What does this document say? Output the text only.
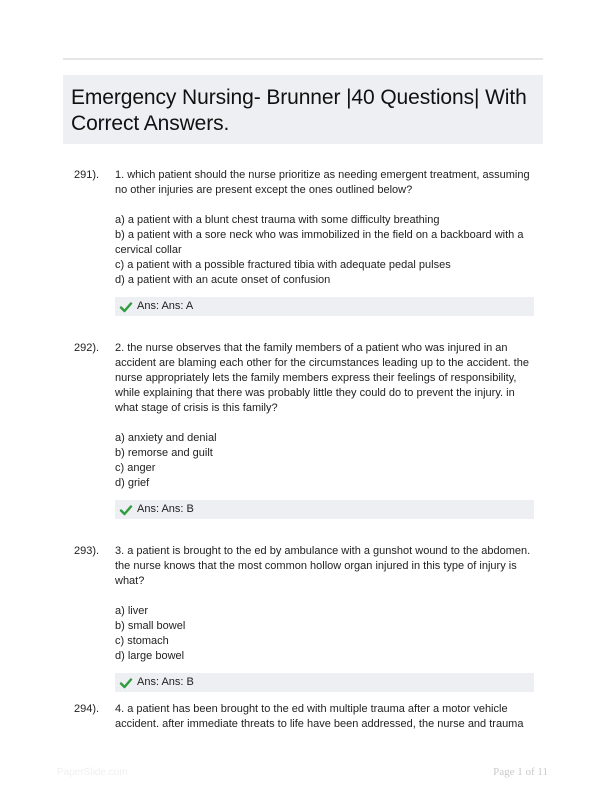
Emergency Nursing- Brunner |40 Questions| With Correct Answers.
291).	1. which patient should the nurse prioritize as needing emergent treatment, assuming no other injuries are present except the ones outlined below?

a) a patient with a blunt chest trauma with some difficulty breathing

b) a patient with a sore neck who was immobilized in the field on a backboard with a cervical collar

c) a patient with a possible fractured tibia with adequate pedal pulses

d) a patient with an acute onset of confusion

Ans: Ans: A
292).	2. the nurse observes that the family members of a patient who was injured in an accident are blaming each other for the circumstances leading up to the accident. the nurse appropriately lets the family members express their feelings of responsibility, while explaining that there was probably little they could do to prevent the injury. in what stage of crisis is this family?

a) anxiety and denial

b) remorse and guilt

c) anger

d) grief

Ans: Ans: B
293).	3. a patient is brought to the ed by ambulance with a gunshot wound to the abdomen. the nurse knows that the most common hollow organ injured in this type of injury is what?

a) liver

b) small bowel

c) stomach

d) large bowel

Ans: Ans: B
294).	4. a patient has been brought to the ed with multiple trauma after a motor vehicle accident. after immediate threats to life have been addressed, the nurse and trauma

PaperSlide.com	Page 1 of 11
